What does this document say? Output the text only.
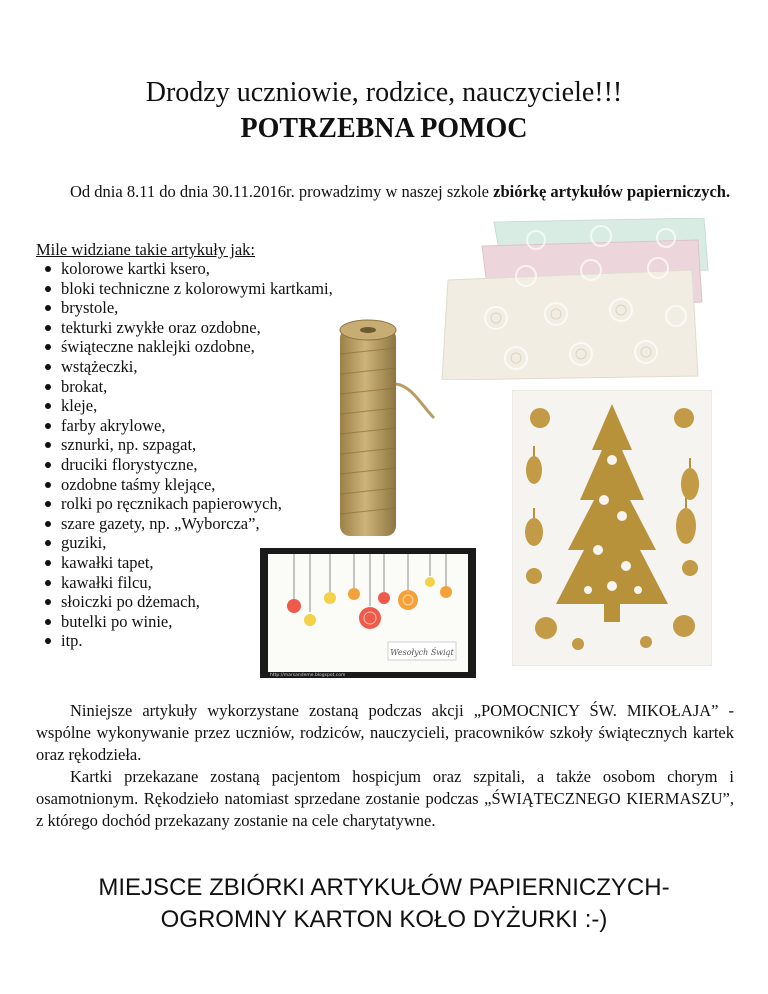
Drodzy uczniowie, rodzice, nauczyciele!!!
POTRZEBNA POMOC

Od dnia 8.11 do dnia 30.11.2016r. prowadzimy w naszej szkole zbiórkę artykułów papierniczych.

Mile widziane takie artykuły jak:
kolorowe kartki ksero,
bloki techniczne z kolorowymi kartkami,
brystole,
tekturki zwykłe oraz ozdobne,
świąteczne naklejki ozdobne,
wstążeczki,
brokat,
kleje,
farby akrylowe,
sznurki, np. szpagat,
druciki florystyczne,
ozdobne taśmy klejące,
rolki po ręcznikach papierowych,
szare gazety, np. „Wyborcza”,
guziki,
kawałki tapet,
kawałki filcu,
słoiczki po dżemach,
butelki po winie,
itp.
Wesołych Świąt
http://marsandeme.blogspot.com

Niniejsze artykuły wykorzystane zostaną podczas akcji „POMOCNICY ŚW. MIKOŁAJA” - wspólne wykonywanie przez uczniów, rodziców, nauczycieli, pracowników szkoły świątecznych kartek oraz rękodzieła.

Kartki przekazane zostaną pacjentom hospicjum oraz szpitali, a także osobom chorym i osamotnionym. Rękodzieło natomiast sprzedane zostanie podczas „ŚWIĄTECZNEGO KIERMASZU”, z którego dochód przekazany zostanie na cele charytatywne.

MIEJSCE ZBIÓRKI ARTYKUŁÓW PAPIERNICZYCH-
OGROMNY KARTON KOŁO DYŻURKI :-)
